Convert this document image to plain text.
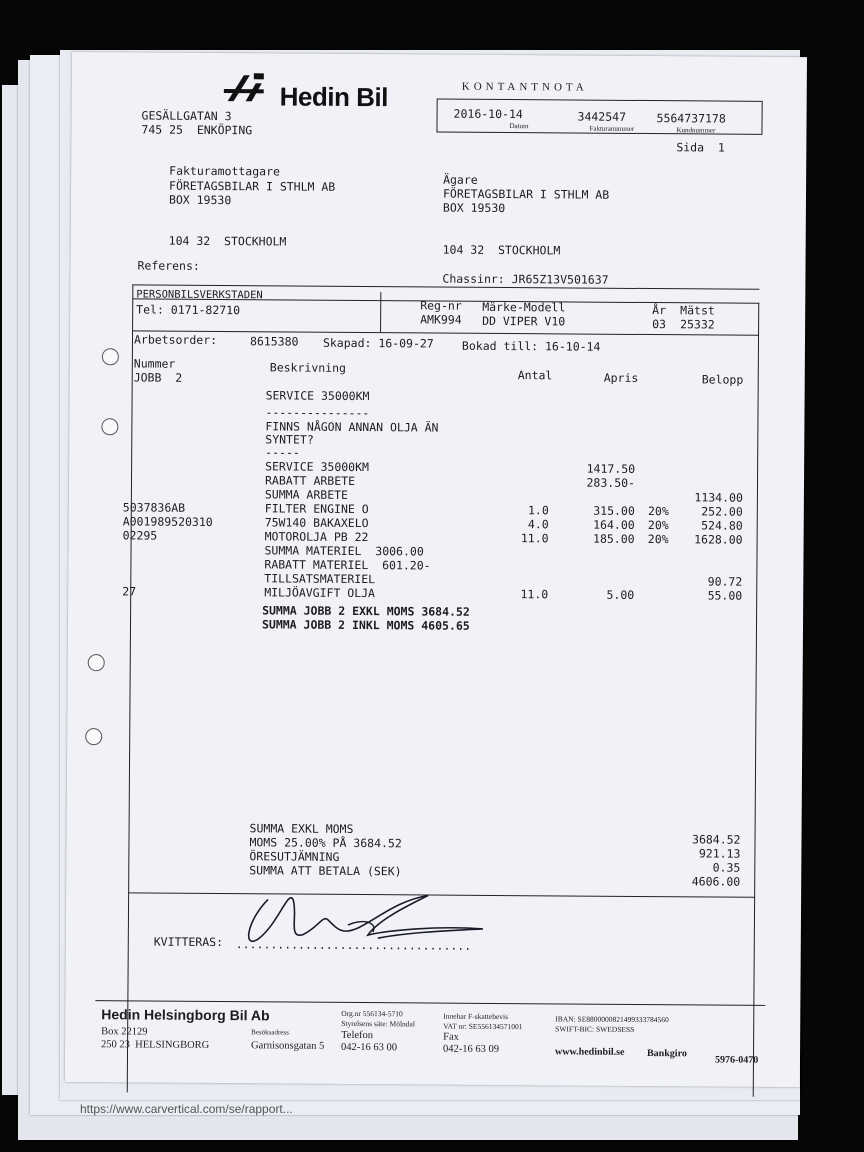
https://www.carvertical.com/se/rapport...
Hedin Bil
GESÄLLGATAN 3
745 25  ENKÖPING
KONTANTNOTA
2016-10-14
Datum
3442547
Fakturanummer
5564737178
Kundnummer
Sida  1
Fakturamottagare
FÖRETAGSBILAR I STHLM AB
BOX 19530
104 32  STOCKHOLM
Referens:
Ägare
FÖRETAGSBILAR I STHLM AB
BOX 19530
104 32  STOCKHOLM
Chassinr: JR65Z13V501637
PERSONBILSVERKSTADEN
Tel: 0171-82710	Reg-nr
AMK994
Märke-Modell
DD VIPER V10
År
03
Mätst
25332
Arbetsorder:	8615380 Skapad: 16-09-27 Bokad till: 16-10-14
Nummer
JOBB  2
Beskrivning
Antal	Apris	Belopp
SERVICE 35000KM
---------------
FINNS NÅGON ANNAN OLJA ÄN
SYNTET?
-----
SERVICE 35000KM	1417.50
RABATT ARBETE	283.50-
SUMMA ARBETE	1134.00
5037836AB	FILTER ENGINE O	1.0	315.00 20%	252.00
A001989520310	75W140 BAKAXELO	4.0	164.00 20%	524.80
02295	MOTOROLJA PB 22	11.0	185.00 20% 1628.00
SUMMA MATERIEL  3006.00
RABATT MATERIEL  601.20-
TILLSATSMATERIEL	90.72
27	MILJÖAVGIFT OLJA	11.0	5.00	55.00
SUMMA JOBB 2 EXKL MOMS 3684.52
SUMMA JOBB 2 INKL MOMS 4605.65
SUMMA EXKL MOMS
3684.52
MOMS 25.00% PÅ 3684.52
921.13
ÖRESUTJÄMNING
0.35
SUMMA ATT BETALA (SEK)
4606.00
KVITTERAS: ..................................
Hedin Helsingborg Bil Ab
Box 22129
250 23  HELSINGBORG
Besöksadress
Garnisonsgatan 5
Org.nr 556134-5710
Styrelsens säte: Mölndal
Telefon
042-16 63 00
Innehar F-skattebevis
VAT nr: SE556134571001
Fax
042-16 63 09
IBAN: SE8800000821499333784560
SWIFT-BIC: SWEDSESS
www.hedinbil.se Bankgiro
5976-0470
